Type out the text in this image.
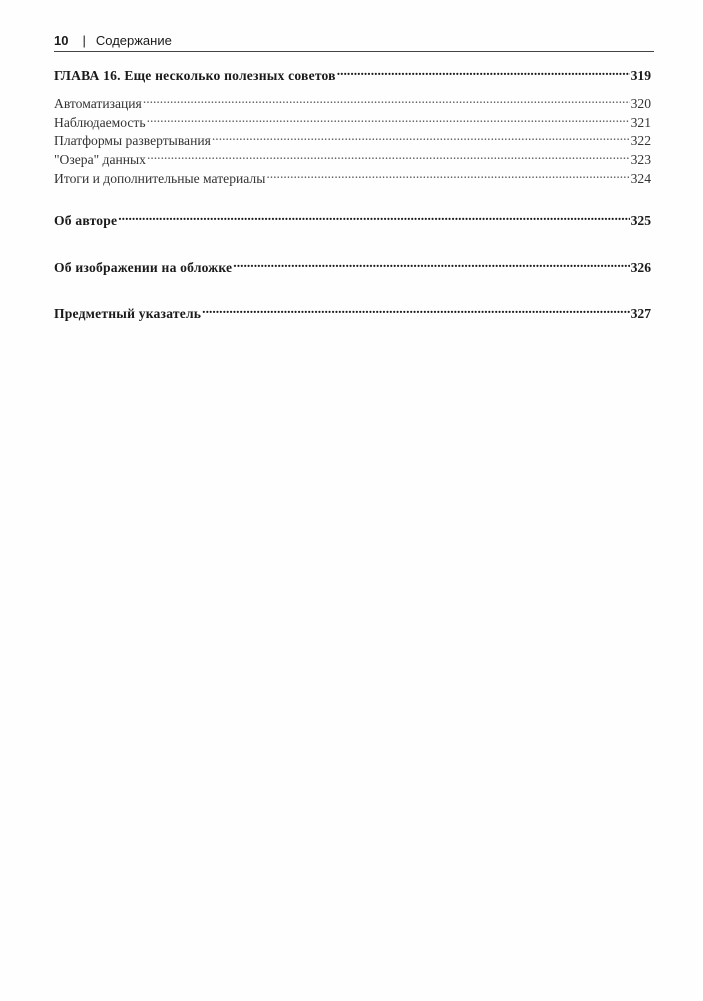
10 | Содержание
ГЛАВА 16. Еще несколько полезных советов .....	319
Автоматизация .....	320
Наблюдаемость .....	321
Платформы развертывания .....	322
"Озера" данных .....	323
Итоги и дополнительные материалы .....	324
Об авторе .....	325
Об изображении на обложке .....	326
Предметный указатель .....	327
